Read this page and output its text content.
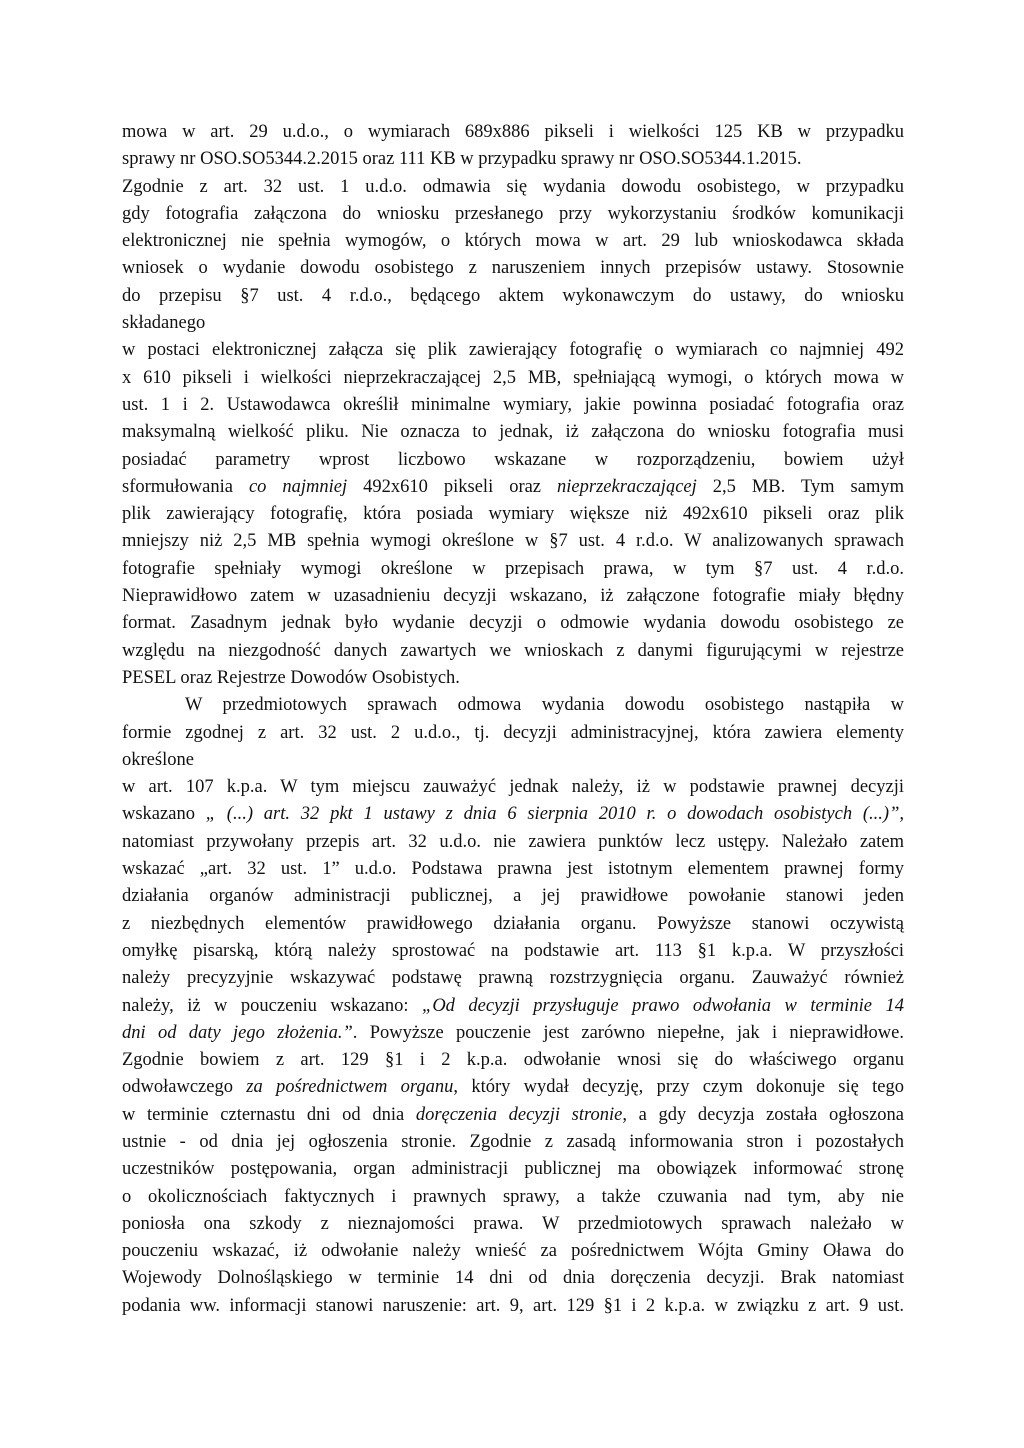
mowa w art. 29 u.d.o., o wymiarach 689x886 pikseli i wielkości 125 KB w przypadku
sprawy nr OSO.SO5344.2.2015 oraz 111 KB w przypadku sprawy nr OSO.SO5344.1.2015.
Zgodnie z art. 32 ust. 1 u.d.o. odmawia się wydania dowodu osobistego, w przypadku
gdy fotografia załączona do wniosku przesłanego przy wykorzystaniu środków komunikacji
elektronicznej nie spełnia wymogów, o których mowa w art. 29 lub wnioskodawca składa
wniosek o wydanie dowodu osobistego z naruszeniem innych przepisów ustawy. Stosownie
do przepisu §7 ust. 4 r.d.o., będącego aktem wykonawczym do ustawy, do wniosku
składanego
w postaci elektronicznej załącza się plik zawierający fotografię o wymiarach co najmniej 492
x 610 pikseli i wielkości nieprzekraczającej 2,5 MB, spełniającą wymogi, o których mowa w
ust. 1 i 2. Ustawodawca określił minimalne wymiary, jakie powinna posiadać fotografia oraz
maksymalną wielkość pliku. Nie oznacza to jednak, iż załączona do wniosku fotografia musi
posiadać parametry wprost liczbowo wskazane w rozporządzeniu, bowiem użył
sformułowania co najmniej 492x610 pikseli oraz nieprzekraczającej 2,5 MB. Tym samym
plik zawierający fotografię, która posiada wymiary większe niż 492x610 pikseli oraz plik
mniejszy niż 2,5 MB spełnia wymogi określone w §7 ust. 4 r.d.o. W analizowanych sprawach
fotografie spełniały wymogi określone w przepisach prawa, w tym §7 ust. 4 r.d.o.
Nieprawidłowo zatem w uzasadnieniu decyzji wskazano, iż załączone fotografie miały błędny
format. Zasadnym jednak było wydanie decyzji o odmowie wydania dowodu osobistego ze
względu na niezgodność danych zawartych we wnioskach z danymi figurującymi w rejestrze
PESEL oraz Rejestrze Dowodów Osobistych.
W przedmiotowych sprawach odmowa wydania dowodu osobistego nastąpiła w
formie zgodnej z art. 32 ust. 2 u.d.o., tj. decyzji administracyjnej, która zawiera elementy
określone
w art. 107 k.p.a. W tym miejscu zauważyć jednak należy, iż w podstawie prawnej decyzji
wskazano „ (...) art. 32 pkt 1 ustawy z dnia 6 sierpnia 2010 r. o dowodach osobistych (...)”,
natomiast przywołany przepis art. 32 u.d.o. nie zawiera punktów lecz ustępy. Należało zatem
wskazać „art. 32 ust. 1” u.d.o. Podstawa prawna jest istotnym elementem prawnej formy
działania organów administracji publicznej, a jej prawidłowe powołanie stanowi jeden
z niezbędnych elementów prawidłowego działania organu. Powyższe stanowi oczywistą
omyłkę pisarską, którą należy sprostować na podstawie art. 113 §1 k.p.a. W przyszłości
należy precyzyjnie wskazywać podstawę prawną rozstrzygnięcia organu. Zauważyć również
należy, iż w pouczeniu wskazano: „Od decyzji przysługuje prawo odwołania w terminie 14
dni od daty jego złożenia.”. Powyższe pouczenie jest zarówno niepełne, jak i nieprawidłowe.
Zgodnie bowiem z art. 129 §1 i 2 k.p.a. odwołanie wnosi się do właściwego organu
odwoławczego za pośrednictwem organu, który wydał decyzję, przy czym dokonuje się tego
w terminie czternastu dni od dnia doręczenia decyzji stronie, a gdy decyzja została ogłoszona
ustnie - od dnia jej ogłoszenia stronie. Zgodnie z zasadą informowania stron i pozostałych
uczestników postępowania, organ administracji publicznej ma obowiązek informować stronę
o okolicznościach faktycznych i prawnych sprawy, a także czuwania nad tym, aby nie
poniosła ona szkody z nieznajomości prawa. W przedmiotowych sprawach należało w
pouczeniu wskazać, iż odwołanie należy wnieść za pośrednictwem Wójta Gminy Oława do
Wojewody Dolnośląskiego w terminie 14 dni od dnia doręczenia decyzji. Brak natomiast
podania ww. informacji stanowi naruszenie: art. 9, art. 129 §1 i 2 k.p.a. w związku z art. 9 ust.
